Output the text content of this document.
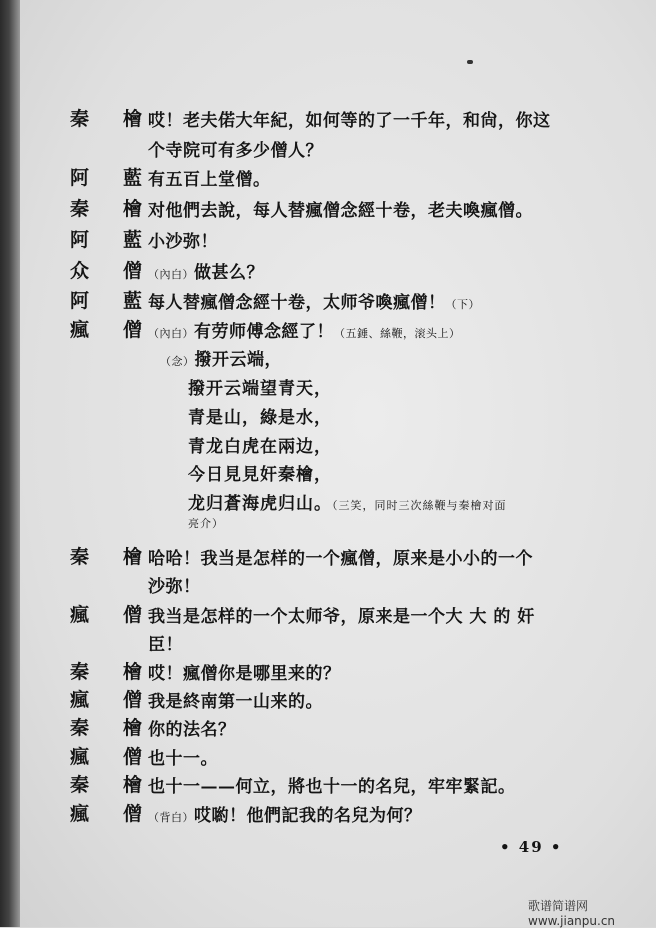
秦 檜 哎！老夫偌大年紀，如何等的了一千年，和尙，你这
个寺院可有多少僧人？
阿 藍 有五百上堂僧。
秦 檜 对他們去說，每人替瘋僧念經十卷，老夫喚瘋僧。
阿 藍 小沙弥！
众 僧 （內白）做甚么？
阿 藍 每人替瘋僧念經十卷，太师爷喚瘋僧！（下）
瘋 僧 （內白）有劳师傅念經了！（五錘、絲鞭，滚头上）
（念）撥开云端，
撥开云端望青天，
青是山，綠是水，
青龙白虎在兩边，
今日見見奸秦檜，
龙归蒼海虎归山。（三笑，同时三次絲鞭与秦檜对面
亮介）
秦 檜 哈哈！我当是怎样的一个瘋僧，原来是小小的一个
沙弥！
瘋 僧 我当是怎样的一个太师爷，原来是一个大 大 的 奸
臣！
秦 檜 哎！瘋僧你是哪里来的？
瘋 僧 我是終南第一山来的。
秦 檜 你的法名？
瘋 僧 也十一。
秦 檜 也十一——何立，將也十一的名兒，牢牢緊記。
瘋 僧 （背白）哎喲！他們記我的名兒为何？
• 49 •
歌谱简谱网 www.jianpu.cn
